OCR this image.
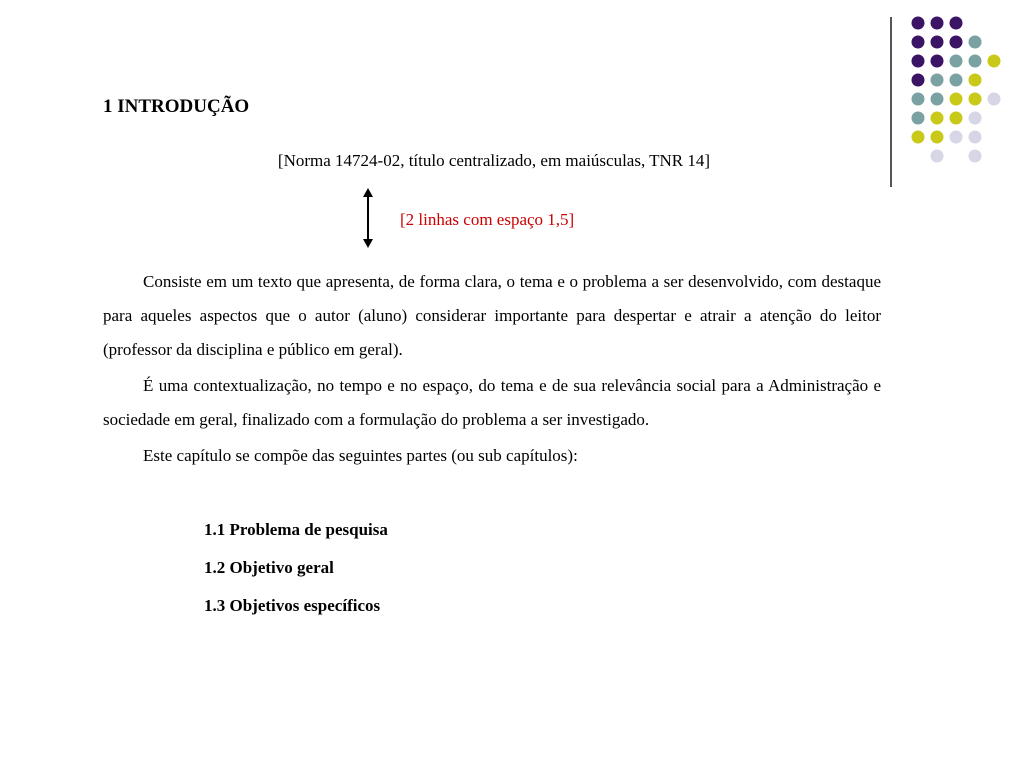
1 INTRODUÇÃO
[Norma 14724-02, título centralizado, em maiúsculas, TNR 14]
[2 linhas com espaço 1,5]

Consiste em um texto que apresenta, de forma clara, o tema e o problema a ser desenvolvido, com destaque para aqueles aspectos que o autor (aluno) considerar importante para despertar e atrair a atenção do leitor (professor da disciplina e público em geral).

É uma contextualização, no tempo e no espaço, do tema e de sua relevância social para a Administração e sociedade em geral, finalizado com a formulação do problema a ser investigado.

Este capítulo se compõe das seguintes partes (ou sub capítulos):

1.1 Problema de pesquisa
1.2 Objetivo geral
1.3 Objetivos específicos
